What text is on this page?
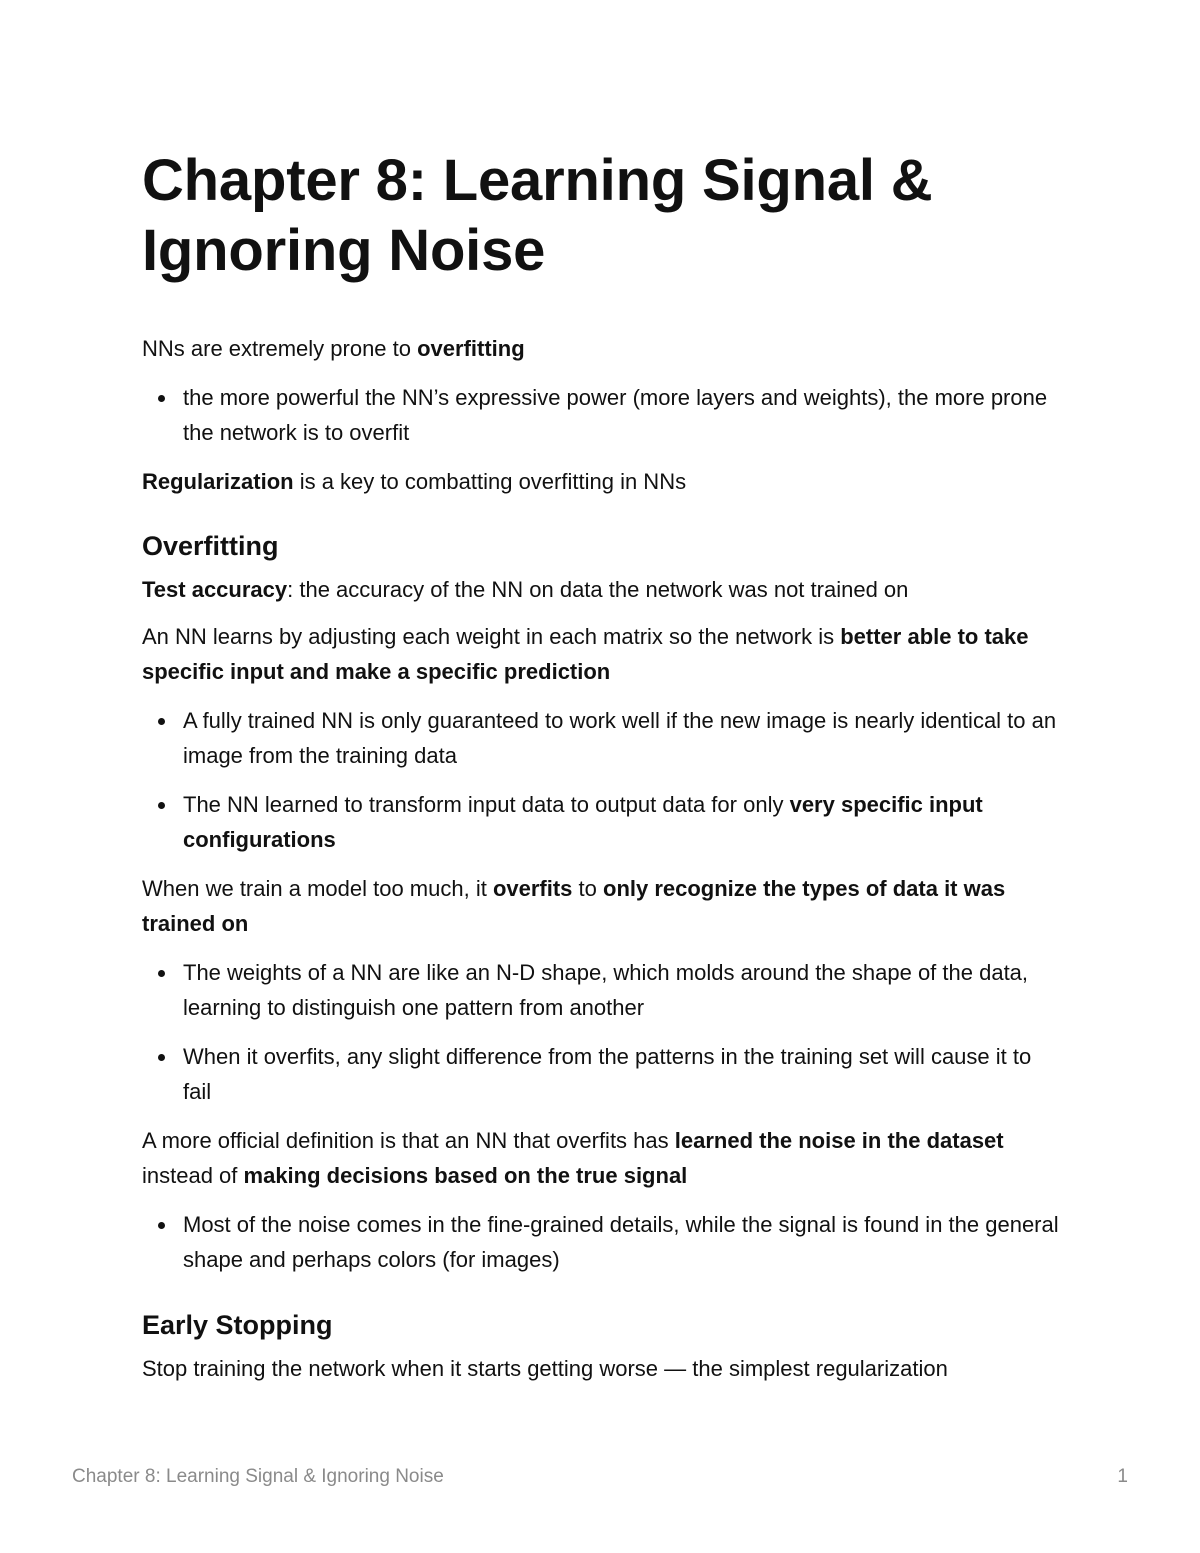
Chapter 8: Learning Signal & Ignoring Noise

NNs are extremely prone to overfitting

the more powerful the NN’s expressive power (more layers and weights), the more prone the network is to overfit

Regularization is a key to combatting overfitting in NNs

Overfitting

Test accuracy: the accuracy of the NN on data the network was not trained on

An NN learns by adjusting each weight in each matrix so the network is better able to take specific input and make a specific prediction

A fully trained NN is only guaranteed to work well if the new image is nearly identical to an image from the training data
The NN learned to transform input data to output data for only very specific input configurations

When we train a model too much, it overfits to only recognize the types of data it was trained on

The weights of a NN are like an N-D shape, which molds around the shape of the data, learning to distinguish one pattern from another
When it overfits, any slight difference from the patterns in the training set will cause it to fail

A more official definition is that an NN that overfits has learned the noise in the dataset instead of making decisions based on the true signal

Most of the noise comes in the fine-grained details, while the signal is found in the general shape and perhaps colors (for images)
Early Stopping

Stop training the network when it starts getting worse — the simplest regularization

Chapter 8: Learning Signal & Ignoring Noise	1
